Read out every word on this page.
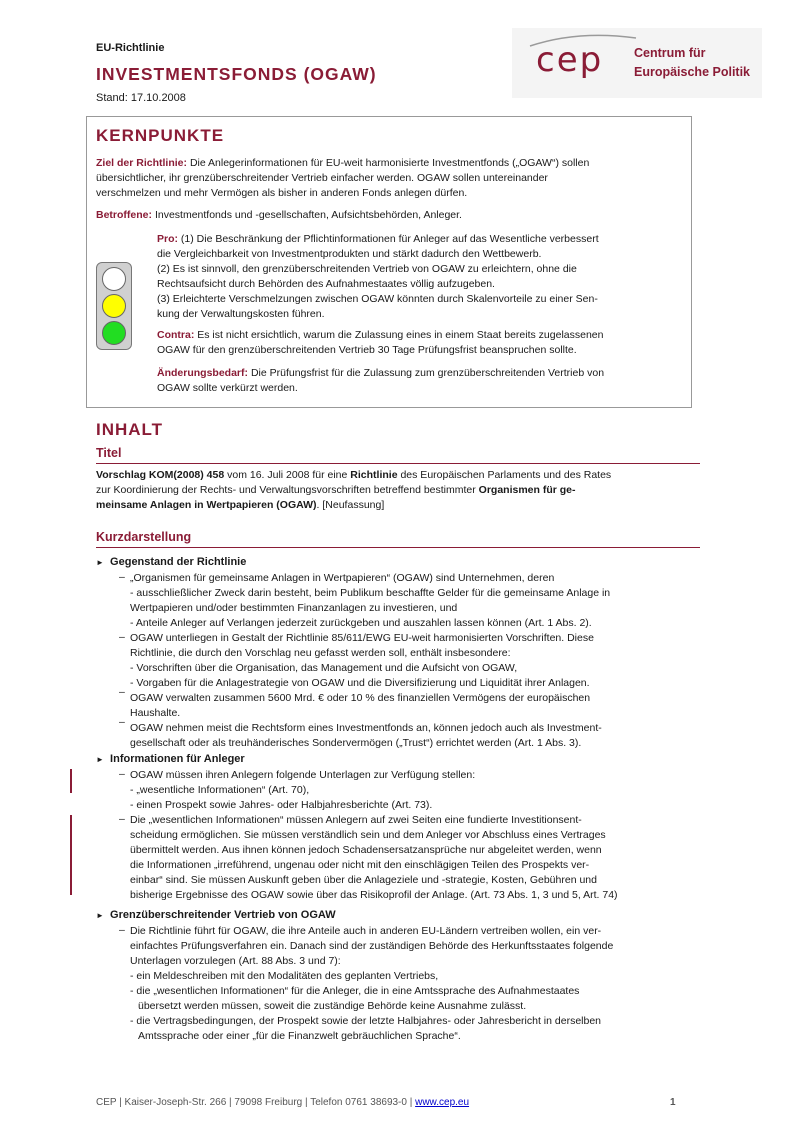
EU-Richtlinie
INVESTMENTSFONDS (OGAW)
Stand: 17.10.2008
cep Centrum für
Europäische Politik
KERNPUNKTE
Ziel der Richtlinie: Die Anlegerinformationen für EU-weit harmonisierte Investmentfonds („OGAW“) sollen
übersichtlicher, ihr grenzüberschreitender Vertrieb einfacher werden. OGAW sollen untereinander
verschmelzen und mehr Vermögen als bisher in anderen Fonds anlegen dürfen.
Betroffene: Investmentfonds und -gesellschaften, Aufsichtsbehörden, Anleger.
Pro: (1) Die Beschränkung der Pflichtinformationen für Anleger auf das Wesentliche verbessert
die Vergleichbarkeit von Investmentprodukten und stärkt dadurch den Wettbewerb.
(2) Es ist sinnvoll, den grenzüberschreitenden Vertrieb von OGAW zu erleichtern, ohne die
Rechtsaufsicht durch Behörden des Aufnahmestaates völlig aufzugeben.
(3) Erleichterte Verschmelzungen zwischen OGAW könnten durch Skalenvorteile zu einer Sen-
kung der Verwaltungskosten führen.
Contra: Es ist nicht ersichtlich, warum die Zulassung eines in einem Staat bereits zugelassenen
OGAW für den grenzüberschreitenden Vertrieb 30 Tage Prüfungsfrist beanspruchen sollte.
Änderungsbedarf: Die Prüfungsfrist für die Zulassung zum grenzüberschreitenden Vertrieb von
OGAW sollte verkürzt werden.
INHALT
Titel
Vorschlag KOM(2008) 458 vom 16. Juli 2008 für eine Richtlinie des Europäischen Parlaments und des Rates
zur Koordinierung der Rechts- und Verwaltungsvorschriften betreffend bestimmter Organismen für ge-
meinsame Anlagen in Wertpapieren (OGAW). [Neufassung]
Kurzdarstellung
► Gegenstand der Richtlinie
–
–
–
–
„Organismen für gemeinsame Anlagen in Wertpapieren“ (OGAW) sind Unternehmen, deren
- ausschließlicher Zweck darin besteht, beim Publikum beschaffte Gelder für die gemeinsame Anlage in
Wertpapieren und/oder bestimmten Finanzanlagen zu investieren, und
- Anteile Anleger auf Verlangen jederzeit zurückgeben und auszahlen lassen können (Art. 1 Abs. 2).
OGAW unterliegen in Gestalt der Richtlinie 85/611/EWG EU-weit harmonisierten Vorschriften. Diese
Richtlinie, die durch den Vorschlag neu gefasst werden soll, enthält insbesondere:
- Vorschriften über die Organisation, das Management und die Aufsicht von OGAW,
- Vorgaben für die Anlagestrategie von OGAW und die Diversifizierung und Liquidität ihrer Anlagen.
OGAW verwalten zusammen 5600 Mrd. € oder 10 % des finanziellen Vermögens der europäischen
Haushalte.
OGAW nehmen meist die Rechtsform eines Investmentfonds an, können jedoch auch als Investment-
gesellschaft oder als treuhänderisches Sondervermögen („Trust“) errichtet werden (Art. 1 Abs. 3).
► Informationen für Anleger
–
–
OGAW müssen ihren Anlegern folgende Unterlagen zur Verfügung stellen:
- „wesentliche Informationen“ (Art. 70),
- einen Prospekt sowie Jahres- oder Halbjahresberichte (Art. 73).
Die „wesentlichen Informationen“ müssen Anlegern auf zwei Seiten eine fundierte Investitionsent-
scheidung ermöglichen. Sie müssen verständlich sein und dem Anleger vor Abschluss eines Vertrages
übermittelt werden. Aus ihnen können jedoch Schadensersatzansprüche nur abgeleitet werden, wenn
die Informationen „irreführend, ungenau oder nicht mit den einschlägigen Teilen des Prospekts ver-
einbar“ sind. Sie müssen Auskunft geben über die Anlageziele und -strategie, Kosten, Gebühren und
bisherige Ergebnisse des OGAW sowie über das Risikoprofil der Anlage. (Art. 73 Abs. 1, 3 und 5, Art. 74)
► Grenzüberschreitender Vertrieb von OGAW
– Die Richtlinie führt für OGAW, die ihre Anteile auch in anderen EU-Ländern vertreiben wollen, ein ver-
einfachtes Prüfungsverfahren ein. Danach sind der zuständigen Behörde des Herkunftsstaates folgende
Unterlagen vorzulegen (Art. 88 Abs. 3 und 7):
- ein Meldeschreiben mit den Modalitäten des geplanten Vertriebs,
- die „wesentlichen Informationen“ für die Anleger, die in eine Amtssprache des Aufnahmestaates
übersetzt werden müssen, soweit die zuständige Behörde keine Ausnahme zulässt.
- die Vertragsbedingungen, der Prospekt sowie der letzte Halbjahres- oder Jahresbericht in derselben
Amtssprache oder einer „für die Finanzwelt gebräuchlichen Sprache“.
CEP | Kaiser-Joseph-Str. 266 | 79098 Freiburg | Telefon 0761 38693-0 | www.cep.eu	1
